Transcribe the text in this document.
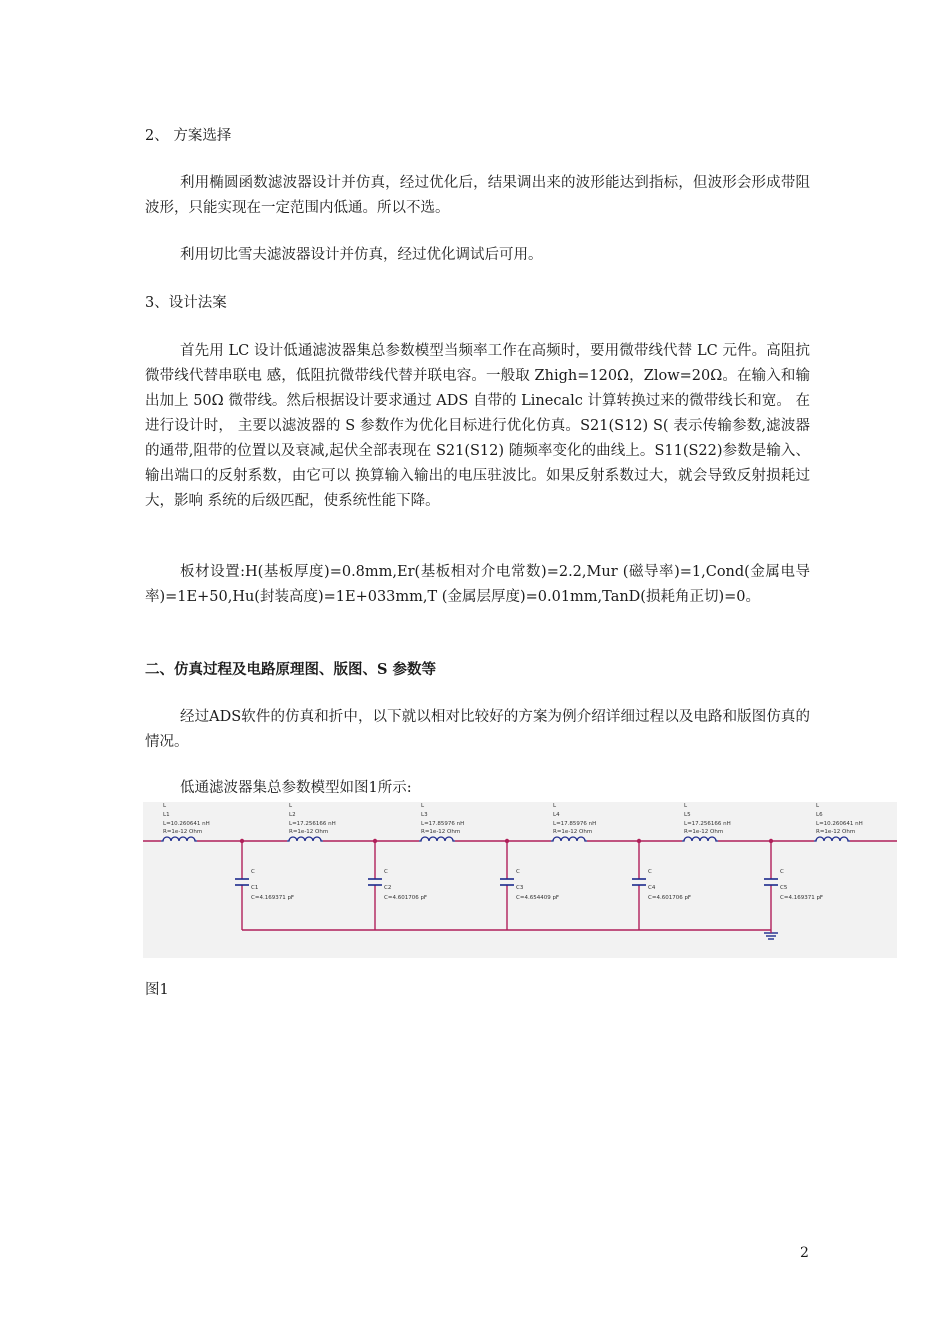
2、 方案选择

利用椭圆函数滤波器设计并仿真，经过优化后，结果调出来的波形能达到指标，但波形会形成带阻波形，只能实现在一定范围内低通。所以不选。

利用切比雪夫滤波器设计并仿真，经过优化调试后可用。

3、设计法案

首先用 LC 设计低通滤波器集总参数模型当频率工作在高频时，要用微带线代替 LC 元件。高阻抗微带线代替串联电 感，低阻抗微带线代替并联电容。一般取 Zhigh=120Ω，Zlow=20Ω。在输入和输 出加上 50Ω 微带线。然后根据设计要求通过 ADS 自带的 Linecalc 计算转换过来的微带线长和宽。 在进行设计时， 主要以滤波器的 S 参数作为优化目标进行优化仿真。S21(S12) S( 表示传输参数,滤波器的通带,阻带的位置以及衰减,起伏全部表现在 S21(S12) 随频率变化的曲线上。S11(S22)参数是输入、输出端口的反射系数，由它可以 换算输入输出的电压驻波比。如果反射系数过大，就会导致反射损耗过大，影响 系统的后级匹配，使系统性能下降。

板材设置:H(基板厚度)=0.8mm,Er(基板相对介电常数)=2.2,Mur (磁导率)=1,Cond(金属电导率)=1E+50,Hu(封装高度)=1E+033mm,T (金属层厚度)=0.01mm,TanD(损耗角正切)=0。

二、仿真过程及电路原理图、版图、S 参数等

经过ADS软件的仿真和折中，以下就以相对比较好的方案为例介绍详细过程以及电路和版图仿真的情况。

低通滤波器集总参数模型如图1所示:

L
L1
L=10.260641 nH
R=1e-12 Ohm
L
L2
L=17.256166 nH
R=1e-12 Ohm
L
L3
L=17.85976 nH
R=1e-12 Ohm
L
L4
L=17.85976 nH
R=1e-12 Ohm
L
L5
L=17.256166 nH
R=1e-12 Ohm
L
L6
L=10.260641 nH
R=1e-12 Ohm
C
C1
C=4.169371 pF
C
C2
C=4.601706 pF
C
C3
C=4.654409 pF
C
C4
C=4.601706 pF
C
C5
C=4.169371 pF
图1
2
